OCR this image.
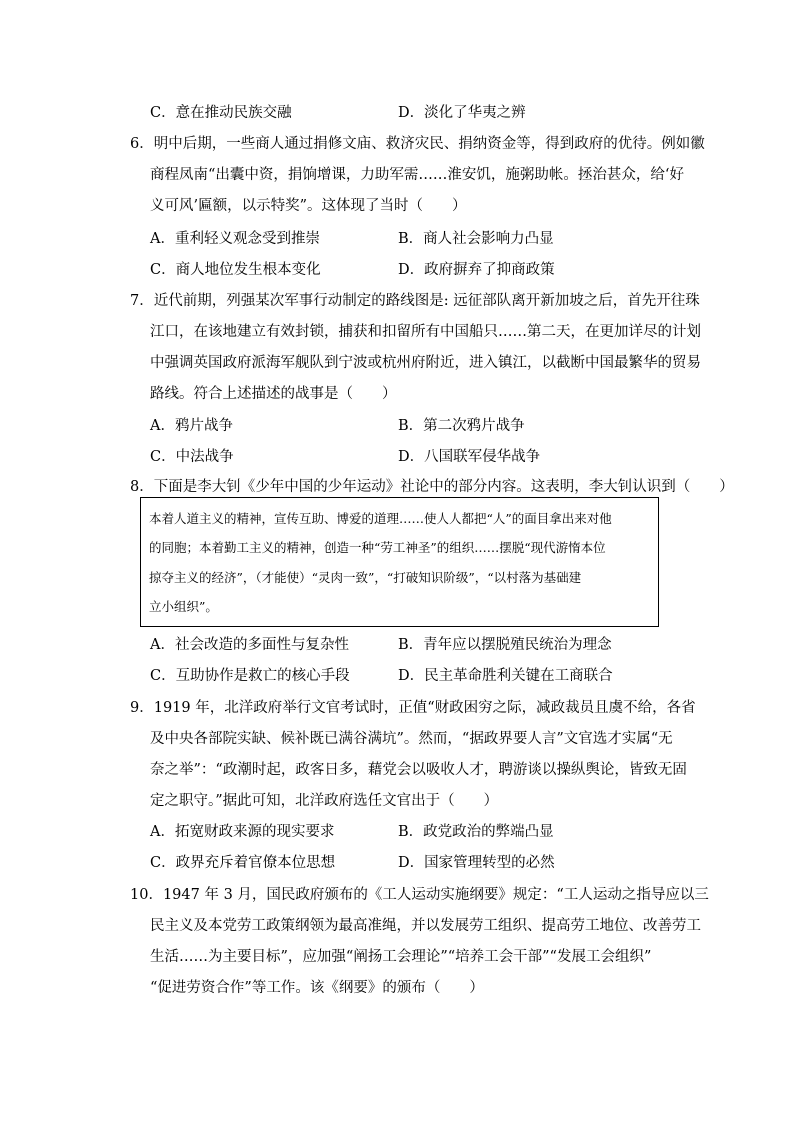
C．意在推动民族交融	D．淡化了华夷之辨
6．明中后期，一些商人通过捐修文庙、救济灾民、捐纳资金等，得到政府的优待。例如徽
商程凤南“出囊中资，捐饷增课，力助军需……淮安饥，施粥助帐。拯治甚众，给‘好
义可风’匾额，以示特奖”。这体现了当时（　　）
A．重利轻义观念受到推崇	B．商人社会影响力凸显
C．商人地位发生根本变化	D．政府摒弃了抑商政策
7．近代前期，列强某次军事行动制定的路线图是: 远征部队离开新加坡之后，首先开往珠
江口，在该地建立有效封锁，捕获和扣留所有中国船只……第二天，在更加详尽的计划
中强调英国政府派海军舰队到宁波或杭州府附近，进入镇江，以截断中国最繁华的贸易
路线。符合上述描述的战事是（　　）
A．鸦片战争	B．第二次鸦片战争
C．中法战争	D．八国联军侵华战争
8．下面是李大钊《少年中国的少年运动》社论中的部分内容。这表明，李大钊认识到（　　）
本着人道主义的精神，宣传互助、博爱的道理……使人人都把“人”的面目拿出来对他
的同胞；本着勤工主义的精神，创造一种“劳工神圣”的组织……摆脱“现代游惰本位
掠夺主义的经济”，（才能使）“灵肉一致”，“打破知识阶级”，“以村落为基础建
立小组织”。
A．社会改造的多面性与复杂性	B．青年应以摆脱殖民统治为理念
C．互助协作是救亡的核心手段	D．民主革命胜利关键在工商联合
9．1919 年，北洋政府举行文官考试时，正值“财政困穷之际，减政裁员且虞不给，各省
及中央各部院实缺、候补既已满谷满坑”。然而，“据政界要人言”文官选才实属“无
奈之举”：“政潮时起，政客日多，藉党会以吸收人才，聘游谈以操纵舆论，皆致无固
定之职守。”据此可知，北洋政府选任文官出于（　　）
A．拓宽财政来源的现实要求	B．政党政治的弊端凸显
C．政界充斥着官僚本位思想	D．国家管理转型的必然
10．1947 年 3 月，国民政府颁布的《工人运动实施纲要》规定：“工人运动之指导应以三
民主义及本党劳工政策纲领为最高准绳，并以发展劳工组织、提高劳工地位、改善劳工
生活……为主要目标”，应加强“阐扬工会理论”“培养工会干部”“发展工会组织”
“促进劳资合作”等工作。该《纲要》的颁布（　　）
